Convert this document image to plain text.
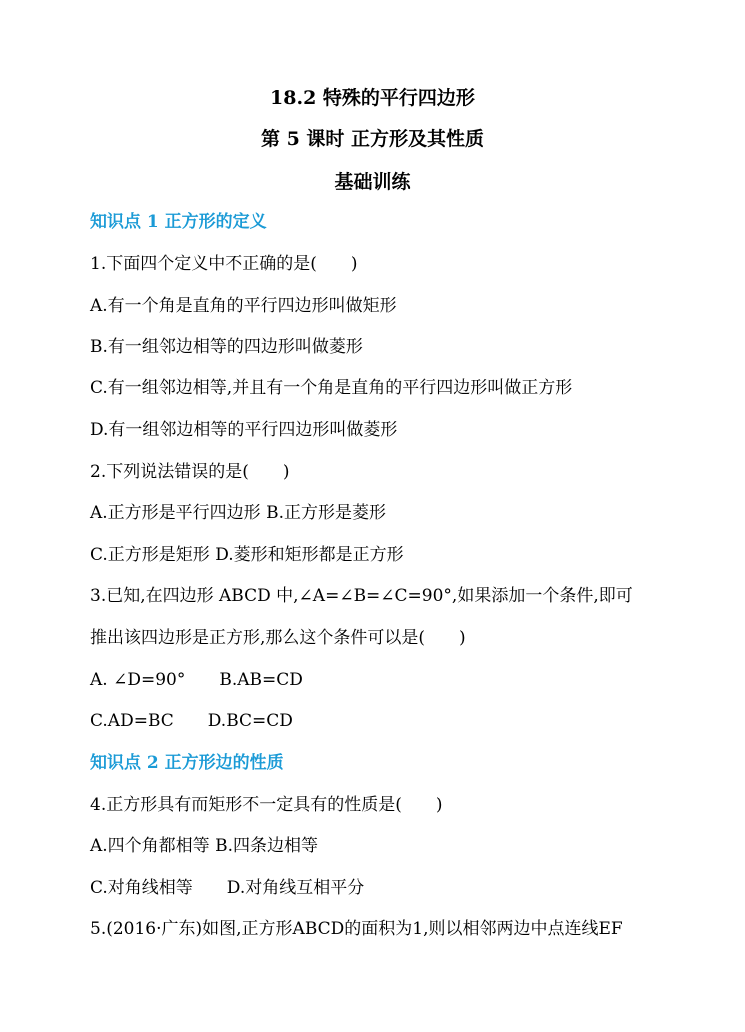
18.2 特殊的平行四边形
第 5 课时 正方形及其性质
基础训练
知识点 1 正方形的定义
1.下面四个定义中不正确的是(　　)
A.有一个角是直角的平行四边形叫做矩形
B.有一组邻边相等的四边形叫做菱形
C.有一组邻边相等,并且有一个角是直角的平行四边形叫做正方形
D.有一组邻边相等的平行四边形叫做菱形
2.下列说法错误的是(　　)
A.正方形是平行四边形 B.正方形是菱形
C.正方形是矩形 D.菱形和矩形都是正方形
3.已知,在四边形 ABCD 中,∠A=∠B=∠C=90°,如果添加一个条件,即可
推出该四边形是正方形,那么这个条件可以是(　　)
A. ∠D=90°　　B.AB=CD
C.AD=BC　　D.BC=CD
知识点 2 正方形边的性质
4.正方形具有而矩形不一定具有的性质是(　　)
A.四个角都相等 B.四条边相等
C.对角线相等　　D.对角线互相平分
5.(2016·广东)如图,正方形ABCD的面积为1,则以相邻两边中点连线EF
